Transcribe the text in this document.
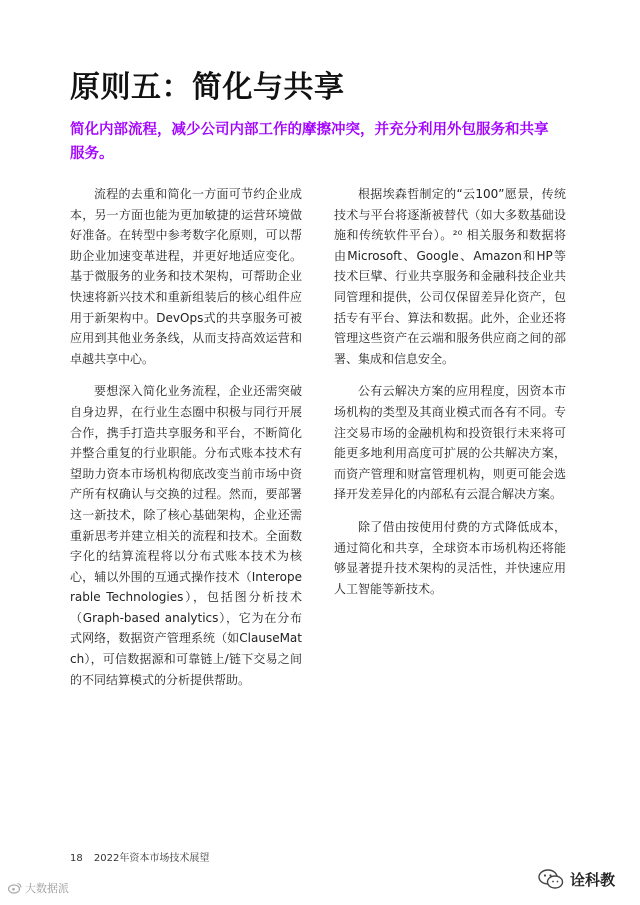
原则五：简化与共享
简化内部流程，减少公司内部工作的摩擦冲突，并充分利用外包服务和共享服务。

流程的去重和简化一方面可节约企业成本，另一方面也能为更加敏捷的运营环境做好准备。在转型中参考数字化原则，可以帮助企业加速变革进程，并更好地适应变化。基于微服务的业务和技术架构，可帮助企业快速将新兴技术和重新组装后的核心组件应用于新架构中。DevOps式的共享服务可被应用到其他业务条线，从而支持高效运营和卓越共享中心。

要想深入简化业务流程，企业还需突破自身边界，在行业生态圈中积极与同行开展合作，携手打造共享服务和平台，不断简化并整合重复的行业职能。分布式账本技术有望助力资本市场机构彻底改变当前市场中资产所有权确认与交换的过程。然而，要部署这一新技术，除了核心基础架构，企业还需重新思考并建立相关的流程和技术。全面数字化的结算流程将以分布式账本技术为核心，辅以外围的互通式操作技术（Interoperable Technologies），包括图分析技术（Graph-based analytics），它为在分布式网络，数据资产管理系统（如ClauseMatch），可信数据源和可靠链上/链下交易之间的不同结算模式的分析提供帮助。

根据埃森哲制定的“云100”愿景，传统技术与平台将逐渐被替代（如大多数基础设施和传统软件平台）。²⁰ 相关服务和数据将由Microsoft、Google、Amazon和HP等技术巨擘、行业共享服务和金融科技企业共同管理和提供，公司仅保留差异化资产，包括专有平台、算法和数据。此外，企业还将管理这些资产在云端和服务供应商之间的部署、集成和信息安全。

公有云解决方案的应用程度，因资本市场机构的类型及其商业模式而各有不同。专注交易市场的金融机构和投资银行未来将可能更多地利用高度可扩展的公共解决方案，而资产管理和财富管理机构，则更可能会选择开发差异化的内部私有云混合解决方案。

除了借由按使用付费的方式降低成本，通过简化和共享，全球资本市场机构还将能够显著提升技术架构的灵活性，并快速应用人工智能等新技术。

18 2022年资本市场技术展望
大数据派	诠科教
